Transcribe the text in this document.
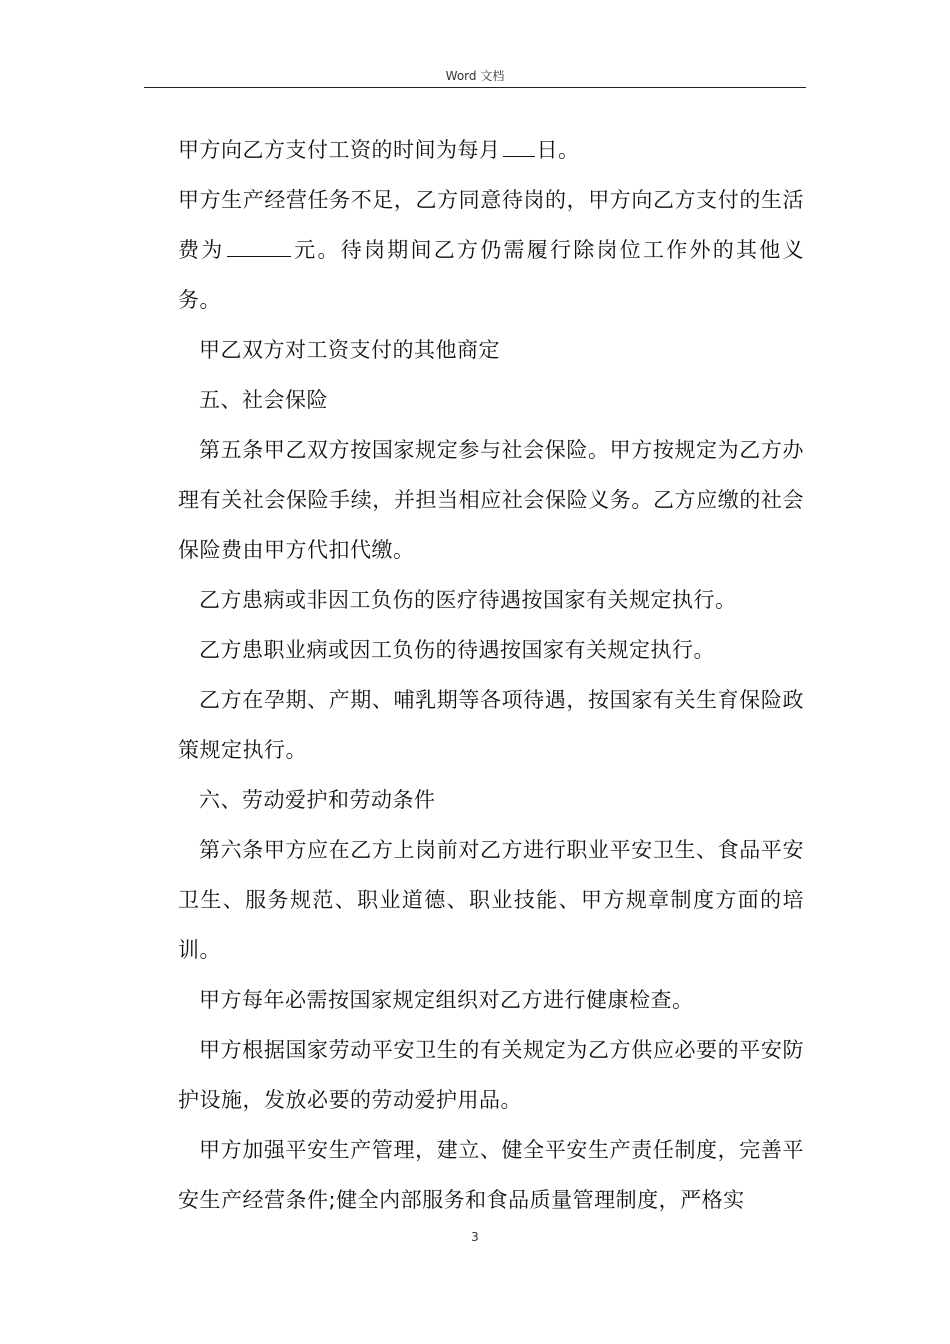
Word 文档

甲方向乙方支付工资的时间为每月 日。

甲方生产经营任务不足，乙方同意待岗的，甲方向乙方支付的生活费为	元。待岗期间乙方仍需履行除岗位工作外的其他义务。

甲乙双方对工资支付的其他商定

五、社会保险

第五条甲乙双方按国家规定参与社会保险。甲方按规定为乙方办理有关社会保险手续，并担当相应社会保险义务。乙方应缴的社会保险费由甲方代扣代缴。

乙方患病或非因工负伤的医疗待遇按国家有关规定执行。

乙方患职业病或因工负伤的待遇按国家有关规定执行。

乙方在孕期、产期、哺乳期等各项待遇，按国家有关生育保险政策规定执行。

六、劳动爱护和劳动条件

第六条甲方应在乙方上岗前对乙方进行职业平安卫生、食品平安卫生、服务规范、职业道德、职业技能、甲方规章制度方面的培训。

甲方每年必需按国家规定组织对乙方进行健康检查。

甲方根据国家劳动平安卫生的有关规定为乙方供应必要的平安防护设施，发放必要的劳动爱护用品。

甲方加强平安生产管理，建立、健全平安生产责任制度，完善平安生产经营条件;健全内部服务和食品质量管理制度，严格实

3
